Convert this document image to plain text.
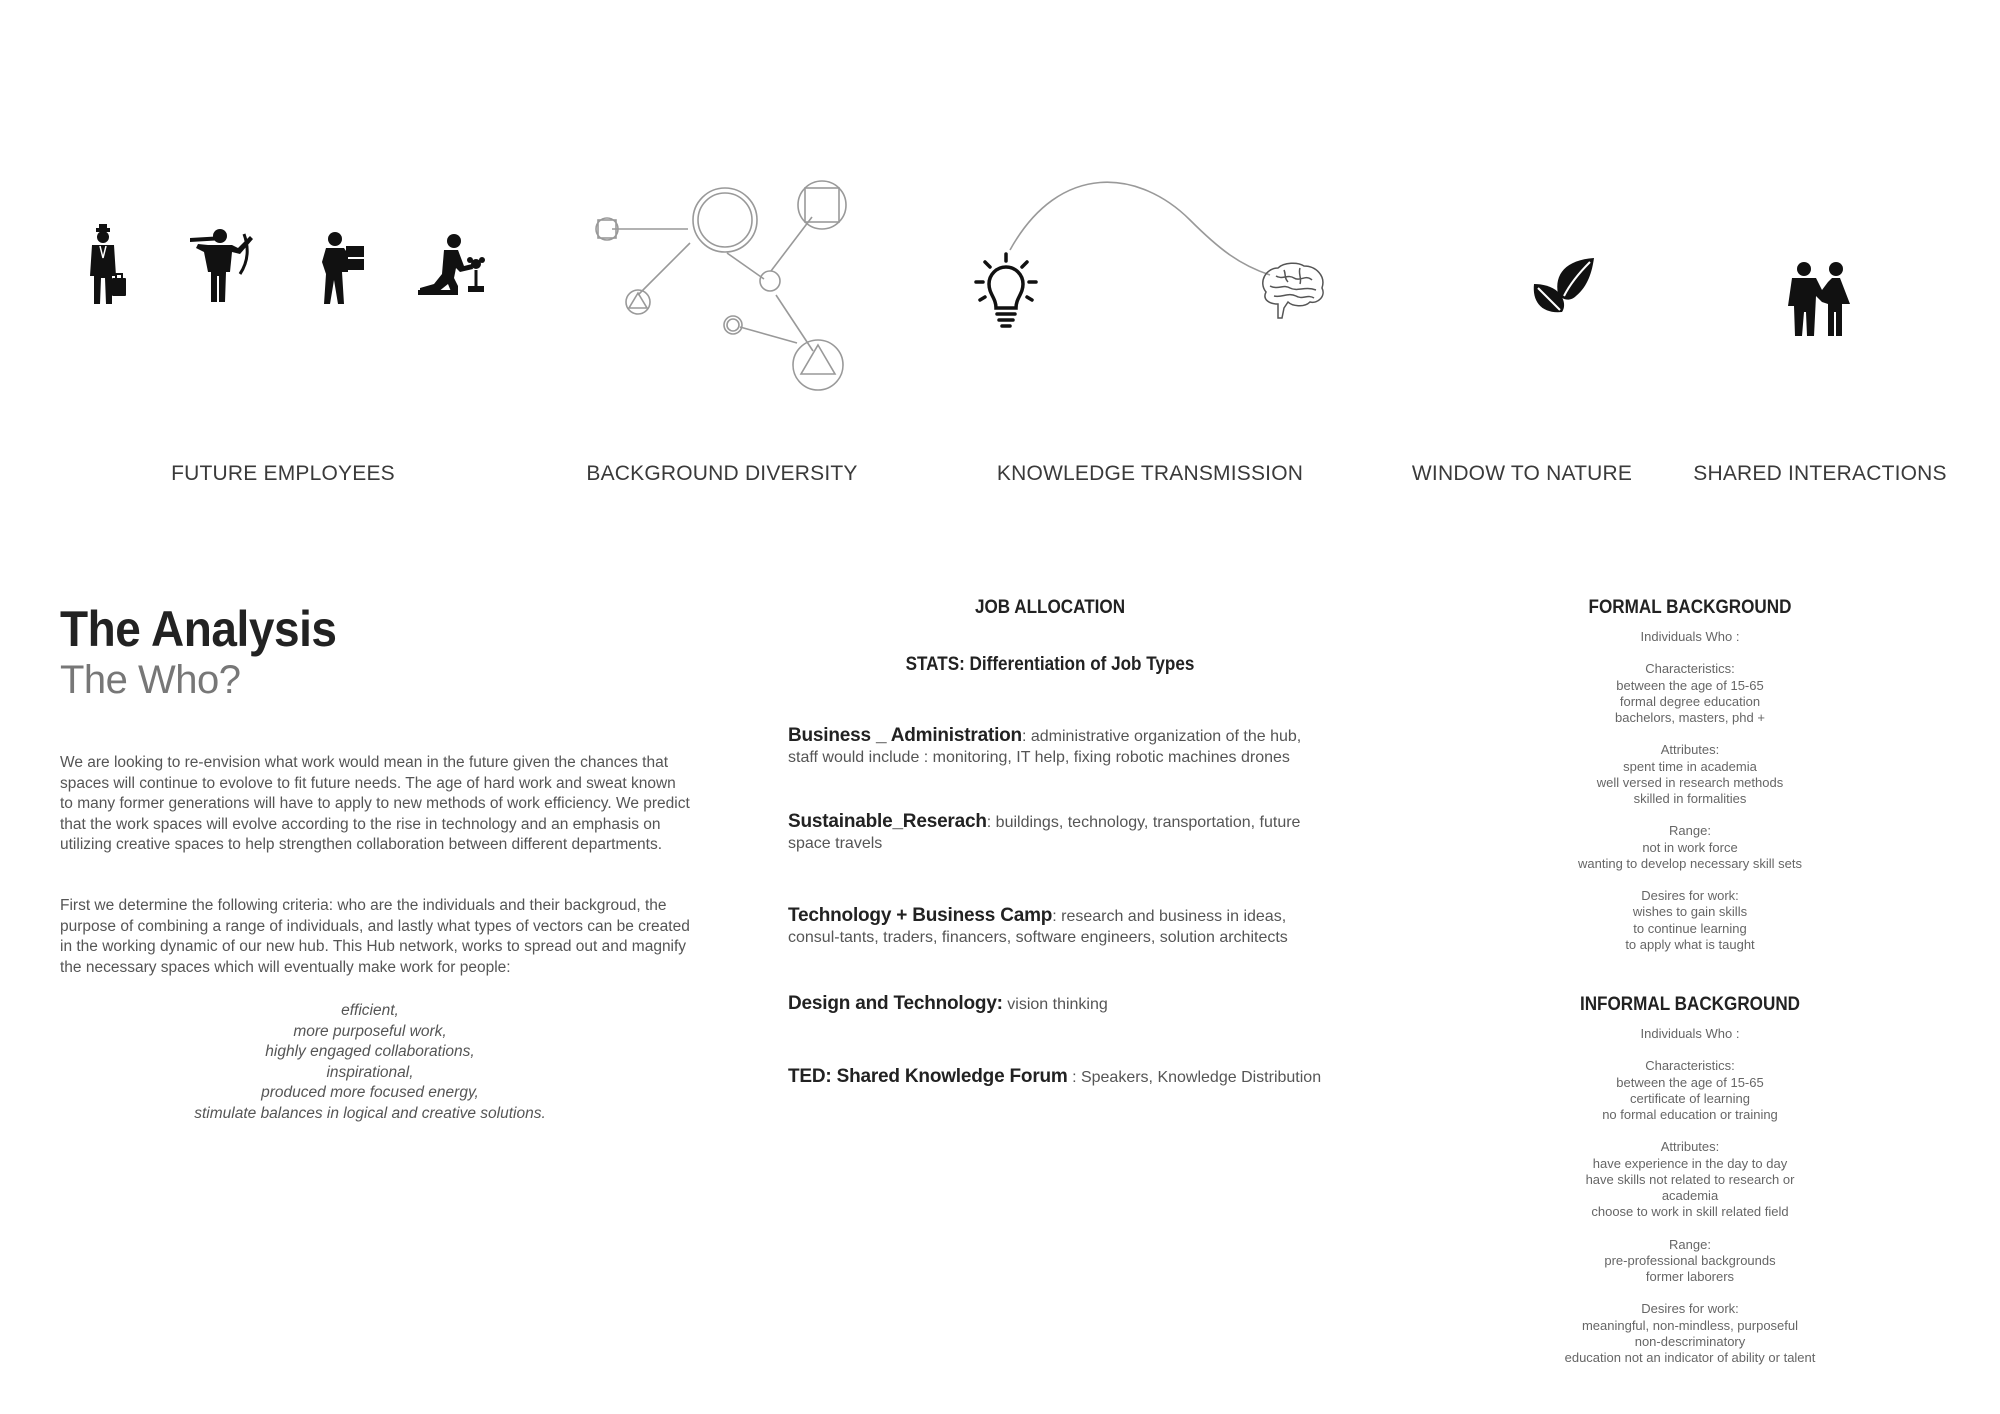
FUTURE EMPLOYEES	BACKGROUND DIVERSITY	KNOWLEDGE TRANSMISSION	WINDOW TO NATURE	SHARED INTERACTIONS
The Analysis
The Who?
We are looking to re-envision what work would mean in the future given the chances that spaces will continue to evolove to fit future needs. The age of hard work and sweat known to many former generations will have to apply to new methods of work efficiency. We predict that the work spaces will evolve according to the rise in technology and an emphasis on utilizing creative spaces to help strengthen collaboration between different departments.
First we determine the following criteria: who are the individuals and their backgroud, the purpose of combining a range of individuals, and lastly what types of vectors can be created in the working dynamic of our new hub. This Hub network, works to spread out and magnify the necessary spaces which will eventually make work for people:
efficient,
more purposeful work,
highly engaged collaborations,
inspirational,
produced more focused energy,
stimulate balances in logical and creative solutions.
JOB ALLOCATION
STATS: Differentiation of Job Types
Business _ Administration: administrative organization of the hub, staff would include : monitoring, IT help, fixing robotic machines drones
Sustainable_Reserach: buildings, technology, transportation, future space travels
Technology + Business Camp: research and business in ideas, consul-tants, traders, financers, software engineers, solution architects
Design and Technology: vision thinking
TED: Shared Knowledge Forum : Speakers, Knowledge Distribution
FORMAL BACKGROUND
Individuals Who :
Characteristics:
between the age of 15-65
formal degree education
bachelors, masters, phd +
Attributes:
spent time in academia
well versed in research methods
skilled in formalities
Range:
not in work force
wanting to develop necessary skill sets
Desires for work:
wishes to gain skills
to continue learning
to apply what is taught
INFORMAL BACKGROUND
Individuals Who :
Characteristics:
between the age of 15-65
certificate of learning
no formal education or training
Attributes:
have experience in the day to day
have skills not related to research or academia
choose to work in skill related field
Range:
pre-professional backgrounds
former laborers
Desires for work:
meaningful, non-mindless, purposeful
non-descriminatory
education not an indicator of ability or talent
